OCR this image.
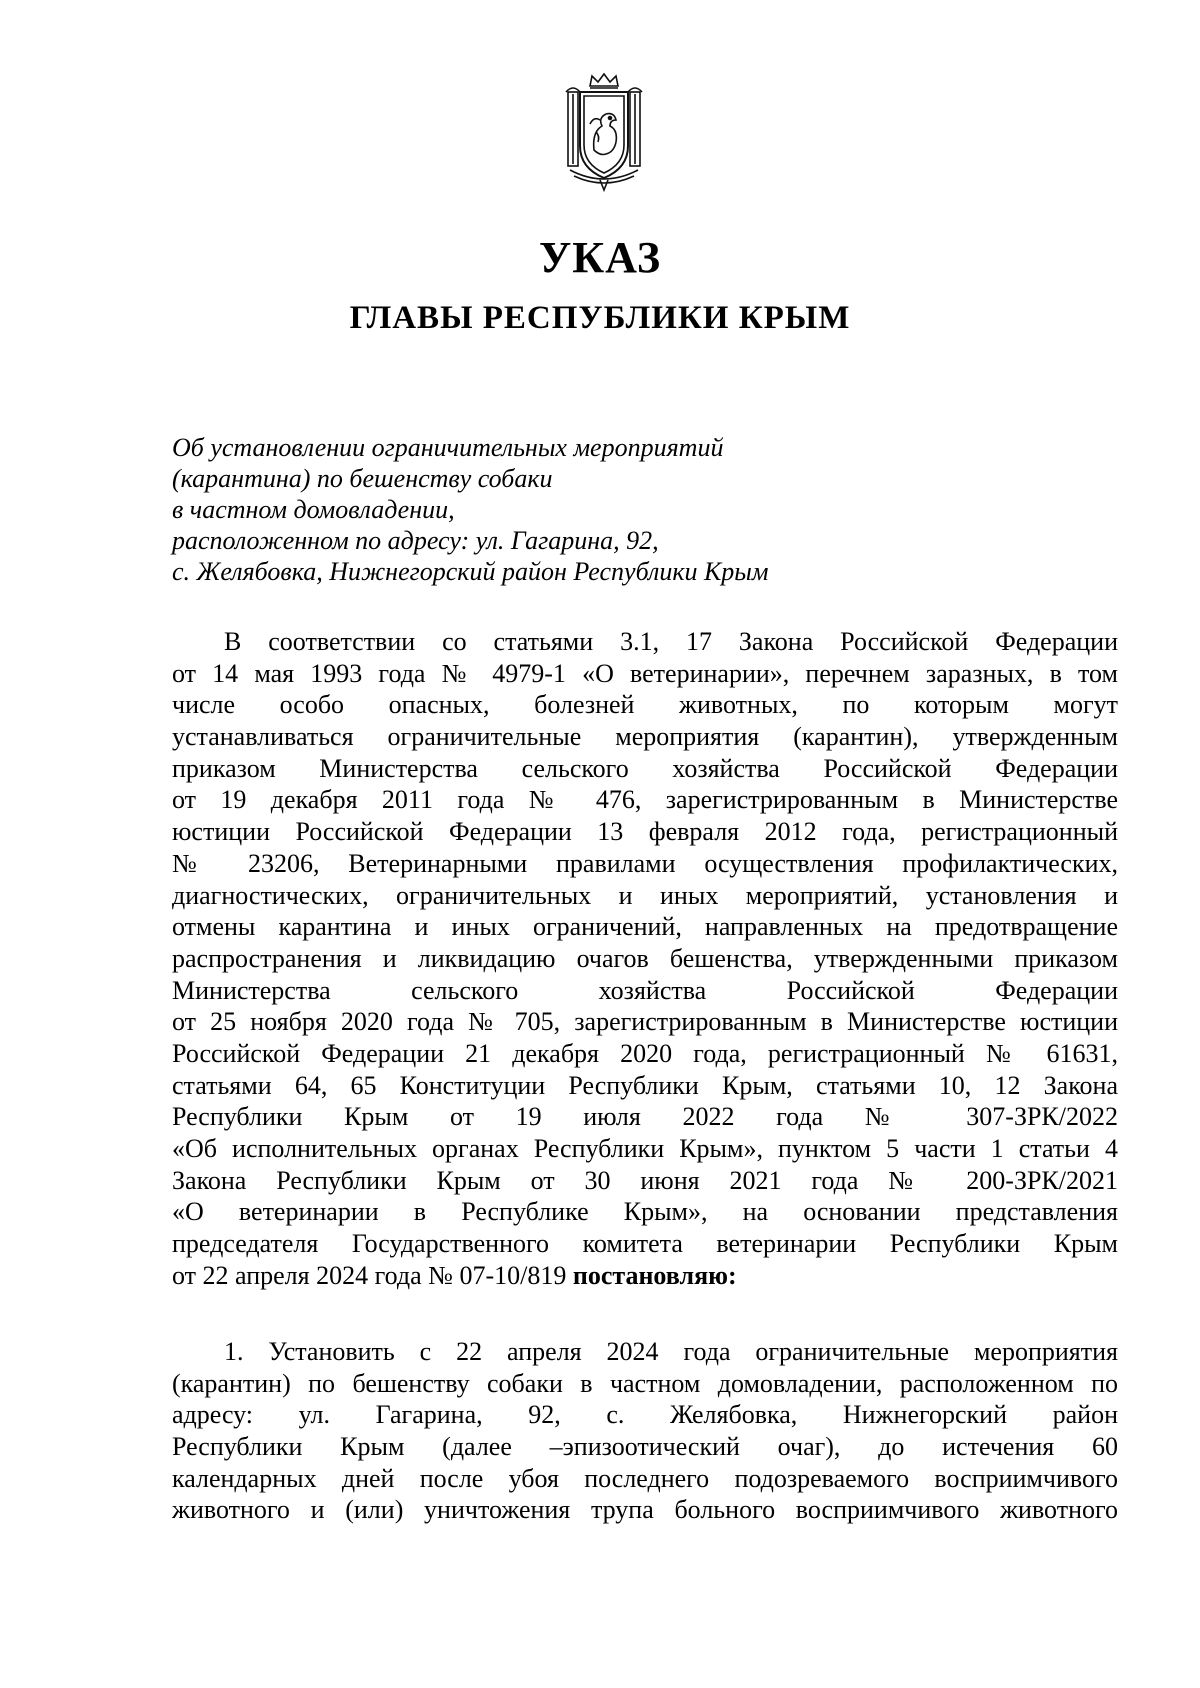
УКАЗ
ГЛАВЫ РЕСПУБЛИКИ КРЫМ
Об установлении ограничительных мероприятий
(карантина) по бешенству собаки
в частном домовладении,
расположенном по адресу: ул. Гагарина, 92,
с. Желябовка, Нижнегорский район Республики Крым
В соответствии со статьями 3.1, 17 Закона Российской Федерации
от 14 мая 1993 года № 4979-1 «О ветеринарии», перечнем заразных, в том
числе особо опасных, болезней животных, по которым могут
устанавливаться ограничительные мероприятия (карантин), утвержденным
приказом Министерства сельского хозяйства Российской Федерации
от 19 декабря 2011 года № 476, зарегистрированным в Министерстве
юстиции Российской Федерации 13 февраля 2012 года, регистрационный
№ 23206, Ветеринарными правилами осуществления профилактических,
диагностических, ограничительных и иных мероприятий, установления и
отмены карантина и иных ограничений, направленных на предотвращение
распространения и ликвидацию очагов бешенства, утвержденными приказом
Министерства сельского хозяйства Российской Федерации
от 25 ноября 2020 года № 705, зарегистрированным в Министерстве юстиции
Российской Федерации 21 декабря 2020 года, регистрационный № 61631,
статьями 64, 65 Конституции Республики Крым, статьями 10, 12 Закона
Республики Крым от 19 июля 2022 года № 307-ЗРК/2022
«Об исполнительных органах Республики Крым», пунктом 5 части 1 статьи 4
Закона Республики Крым от 30 июня 2021 года № 200-ЗРК/2021
«О ветеринарии в Республике Крым», на основании представления
председателя Государственного комитета ветеринарии Республики Крым
от 22 апреля 2024 года № 07-10/819 постановляю:
1. Установить с 22 апреля 2024 года ограничительные мероприятия
(карантин) по бешенству собаки в частном домовладении, расположенном по
адресу: ул. Гагарина, 92, с. Желябовка, Нижнегорский район
Республики Крым (далее –эпизоотический очаг), до истечения 60
календарных дней после убоя последнего подозреваемого восприимчивого
животного и (или) уничтожения трупа больного восприимчивого животного
